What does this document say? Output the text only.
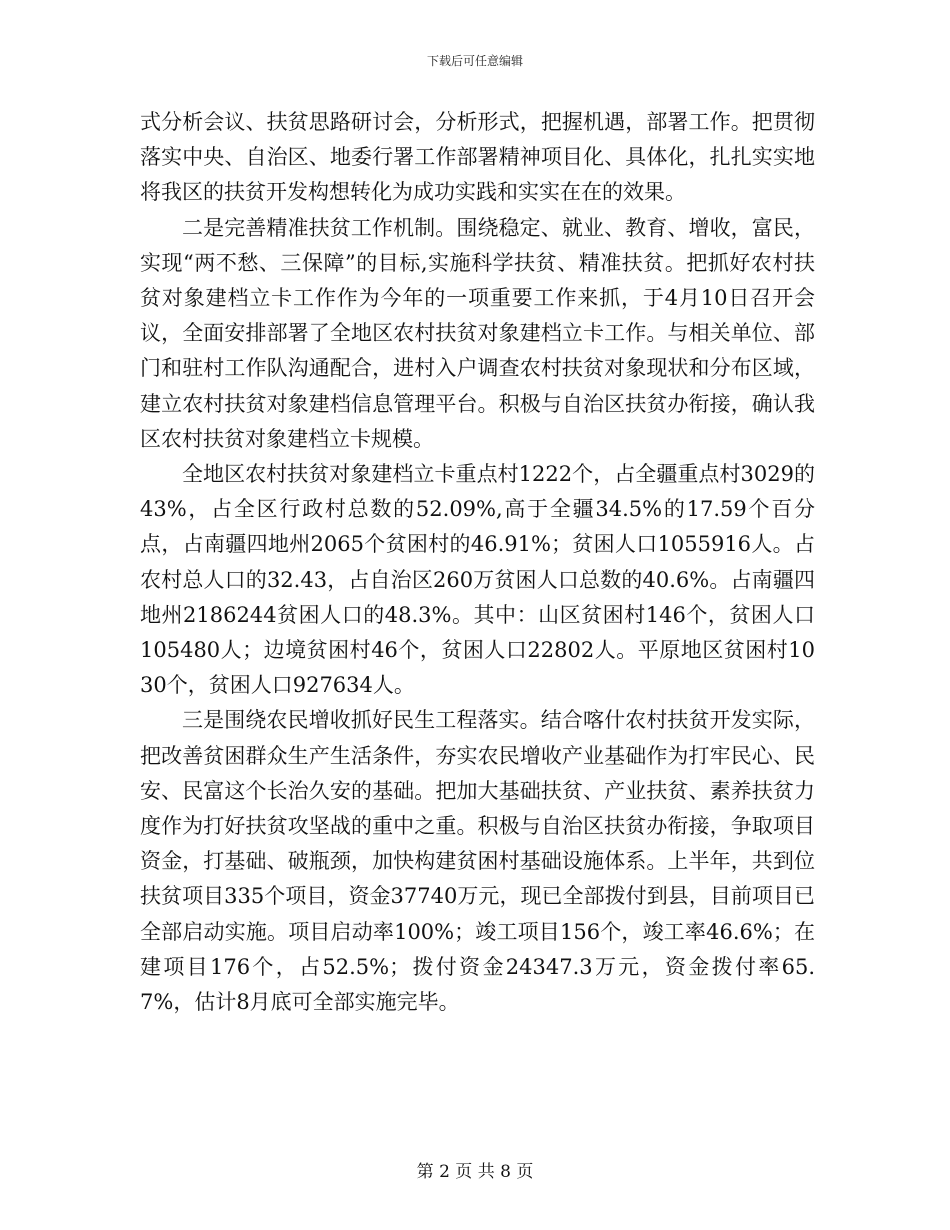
下载后可任意编辑

式分析会议、扶贫思路研讨会，分析形式，把握机遇，部署工作。把贯彻落实中央、自治区、地委行署工作部署精神项目化、具体化，扎扎实实地将我区的扶贫开发构想转化为成功实践和实实在在的效果。

二是完善精准扶贫工作机制。围绕稳定、就业、教育、增收，富民，实现“两不愁、三保障”的目标,实施科学扶贫、精准扶贫。把抓好农村扶贫对象建档立卡工作作为今年的一项重要工作来抓，于4月10日召开会议，全面安排部署了全地区农村扶贫对象建档立卡工作。与相关单位、部门和驻村工作队沟通配合，进村入户调查农村扶贫对象现状和分布区域，建立农村扶贫对象建档信息管理平台。积极与自治区扶贫办衔接，确认我区农村扶贫对象建档立卡规模。

全地区农村扶贫对象建档立卡重点村1222个，占全疆重点村3029的43%，占全区行政村总数的52.09%,高于全疆34.5%的17.59个百分点，占南疆四地州2065个贫困村的46.91%；贫困人口1055916人。占农村总人口的32.43，占自治区260万贫困人口总数的40.6%。占南疆四地州2186244贫困人口的48.3%。其中：山区贫困村146个，贫困人口105480人；边境贫困村46个，贫困人口22802人。平原地区贫困村1030个，贫困人口927634人。

三是围绕农民增收抓好民生工程落实。结合喀什农村扶贫开发实际，把改善贫困群众生产生活条件，夯实农民增收产业基础作为打牢民心、民安、民富这个长治久安的基础。把加大基础扶贫、产业扶贫、素养扶贫力度作为打好扶贫攻坚战的重中之重。积极与自治区扶贫办衔接，争取项目资金，打基础、破瓶颈，加快构建贫困村基础设施体系。上半年，共到位扶贫项目335个项目，资金37740万元，现已全部拨付到县，目前项目已全部启动实施。项目启动率100%；竣工项目156个，竣工率46.6%；在建项目176个，占52.5%；拨付资金24347.3万元，资金拨付率65.7%，估计8月底可全部实施完毕。

第 2 页 共 8 页
